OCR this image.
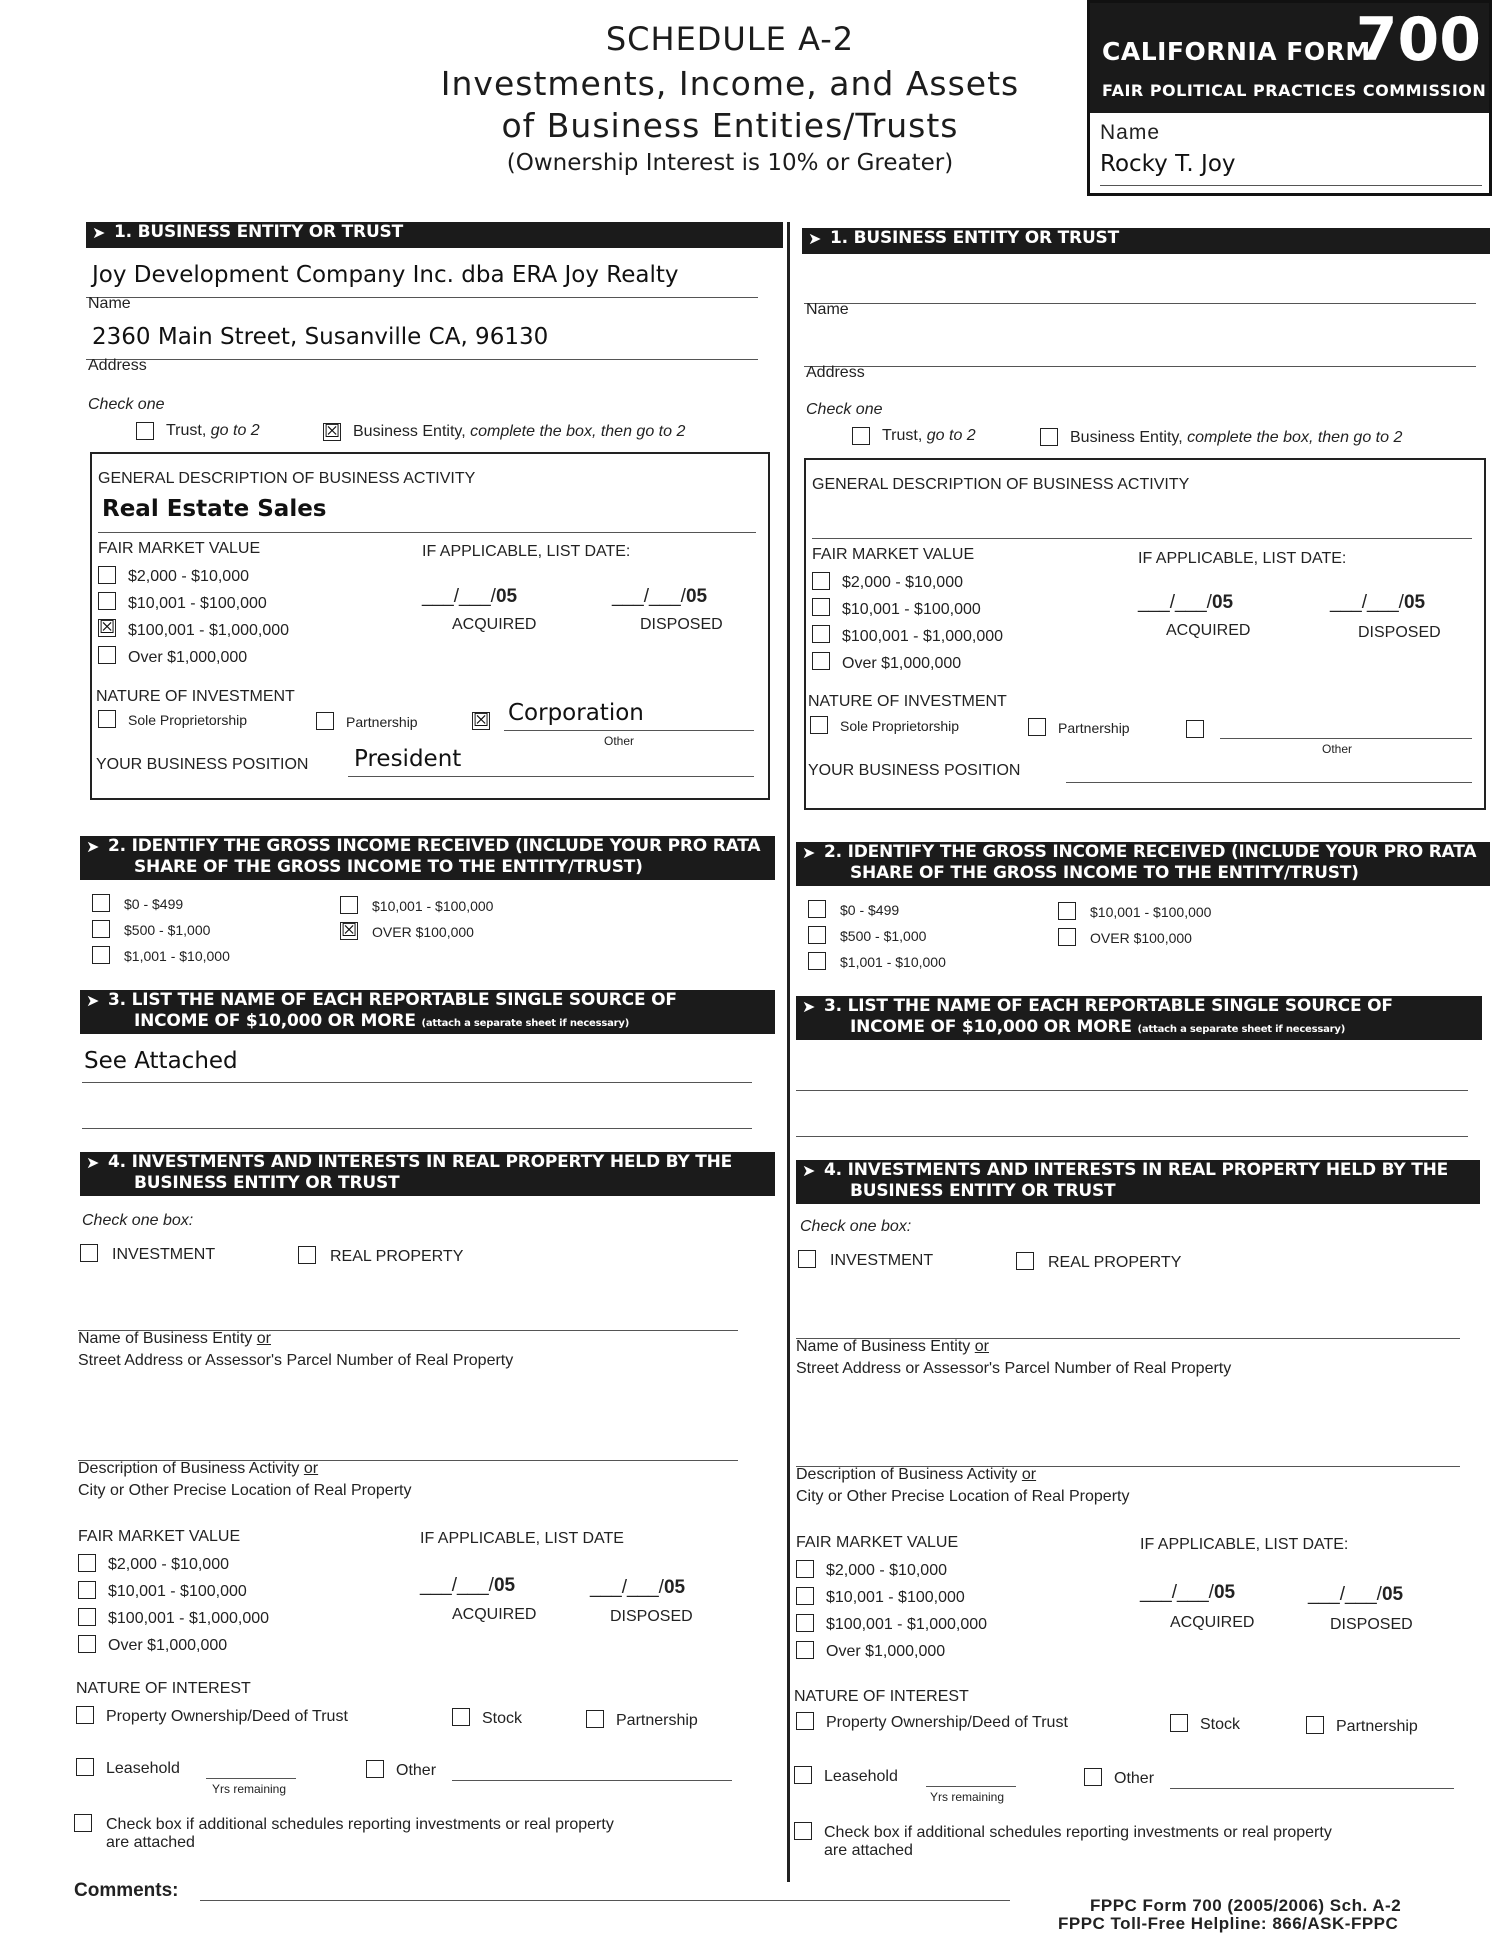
SCHEDULE A-2
Investments, Income, and Assets
of Business Entities/Trusts
(Ownership Interest is 10% or Greater)
CALIFORNIA FORM
700
FAIR POLITICAL PRACTICES COMMISSION
Name
Rocky T. Joy
➤ 1. BUSINESS ENTITY OR TRUST
Joy Development Company Inc. dba ERA Joy Realty
Name
2360 Main Street, Susanville CA, 96130
Address
Check one
Trust, go to 2	☒ Business Entity, complete the box, then go to 2
GENERAL DESCRIPTION OF BUSINESS ACTIVITY
Real Estate Sales
FAIR MARKET VALUE	IF APPLICABLE, LIST DATE:
$2,000 - $10,000
$10,001 - $100,000
☒ $100,001 - $1,000,000
Over $1,000,000
___/___/05	___/___/05
ACQUIRED	DISPOSED
NATURE OF INVESTMENT
Sole Proprietorship	Partnership	☒ Corporation
Other
YOUR BUSINESS POSITION President
➤ 2. IDENTIFY THE GROSS INCOME RECEIVED (INCLUDE YOUR PRO RATA
SHARE OF THE GROSS INCOME TO THE ENTITY/TRUST)
$0 - $499
$500 - $1,000
$1,001 - $10,000
$10,001 - $100,000
☒ OVER $100,000
➤ 3. LIST THE NAME OF EACH REPORTABLE SINGLE SOURCE OF
INCOME OF $10,000 OR MORE (attach a separate sheet if necessary)
See Attached
➤ 4. INVESTMENTS AND INTERESTS IN REAL PROPERTY HELD BY THE
BUSINESS ENTITY OR TRUST
Check one box:
INVESTMENT	REAL PROPERTY
Name of Business Entity or
Street Address or Assessor's Parcel Number of Real Property
Description of Business Activity or
City or Other Precise Location of Real Property
FAIR MARKET VALUE	IF APPLICABLE, LIST DATE
$2,000 - $10,000
$10,001 - $100,000
$100,001 - $1,000,000
Over $1,000,000
___/___/05	___/___/05
ACQUIRED	DISPOSED
NATURE OF INTEREST
Property Ownership/Deed of Trust	Stock	Partnership
Leasehold
Yrs remaining
Other
Check box if additional schedules reporting investments or real property
are attached
➤ 1. BUSINESS ENTITY OR TRUST
Name
Address
Check one
Trust, go to 2	Business Entity, complete the box, then go to 2
GENERAL DESCRIPTION OF BUSINESS ACTIVITY
FAIR MARKET VALUE	IF APPLICABLE, LIST DATE:
$2,000 - $10,000
$10,001 - $100,000
$100,001 - $1,000,000
Over $1,000,000
___/___/05	___/___/05
ACQUIRED	DISPOSED
NATURE OF INVESTMENT
Sole Proprietorship	Partnership
Other
YOUR BUSINESS POSITION
➤ 2. IDENTIFY THE GROSS INCOME RECEIVED (INCLUDE YOUR PRO RATA
SHARE OF THE GROSS INCOME TO THE ENTITY/TRUST)
$0 - $499
$500 - $1,000
$1,001 - $10,000
$10,001 - $100,000
OVER $100,000
➤ 3. LIST THE NAME OF EACH REPORTABLE SINGLE SOURCE OF
INCOME OF $10,000 OR MORE (attach a separate sheet if necessary)
➤ 4. INVESTMENTS AND INTERESTS IN REAL PROPERTY HELD BY THE
BUSINESS ENTITY OR TRUST
Check one box:
INVESTMENT	REAL PROPERTY
Name of Business Entity or
Street Address or Assessor's Parcel Number of Real Property
Description of Business Activity or
City or Other Precise Location of Real Property
FAIR MARKET VALUE	IF APPLICABLE, LIST DATE:
$2,000 - $10,000
$10,001 - $100,000
$100,001 - $1,000,000
Over $1,000,000
___/___/05	___/___/05
ACQUIRED	DISPOSED
NATURE OF INTEREST
Property Ownership/Deed of Trust	Stock	Partnership
Leasehold
Yrs remaining
Other
Check box if additional schedules reporting investments or real property
are attached
Comments:
FPPC Form 700 (2005/2006) Sch. A-2
FPPC Toll-Free Helpline: 866/ASK-FPPC
